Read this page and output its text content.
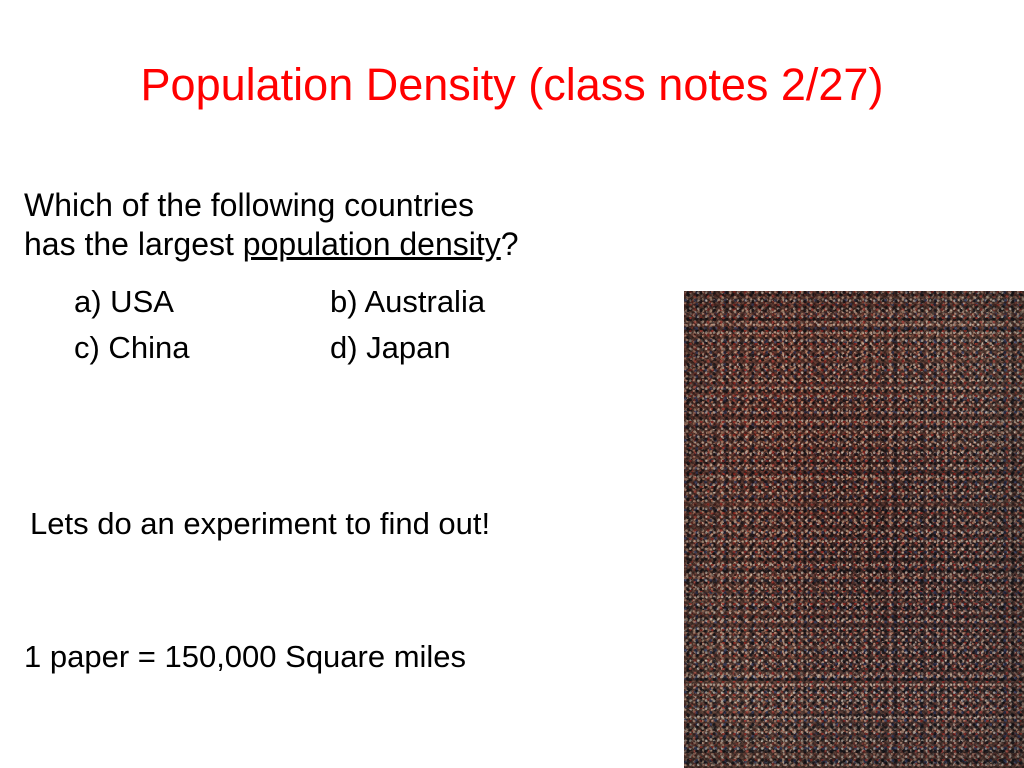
Population Density (class notes 2/27)
Which of the following countries
has the largest population density?
a) USA	b) Australia
c) China	d) Japan
Lets do an experiment to find out!
1 paper = 150,000 Square miles
